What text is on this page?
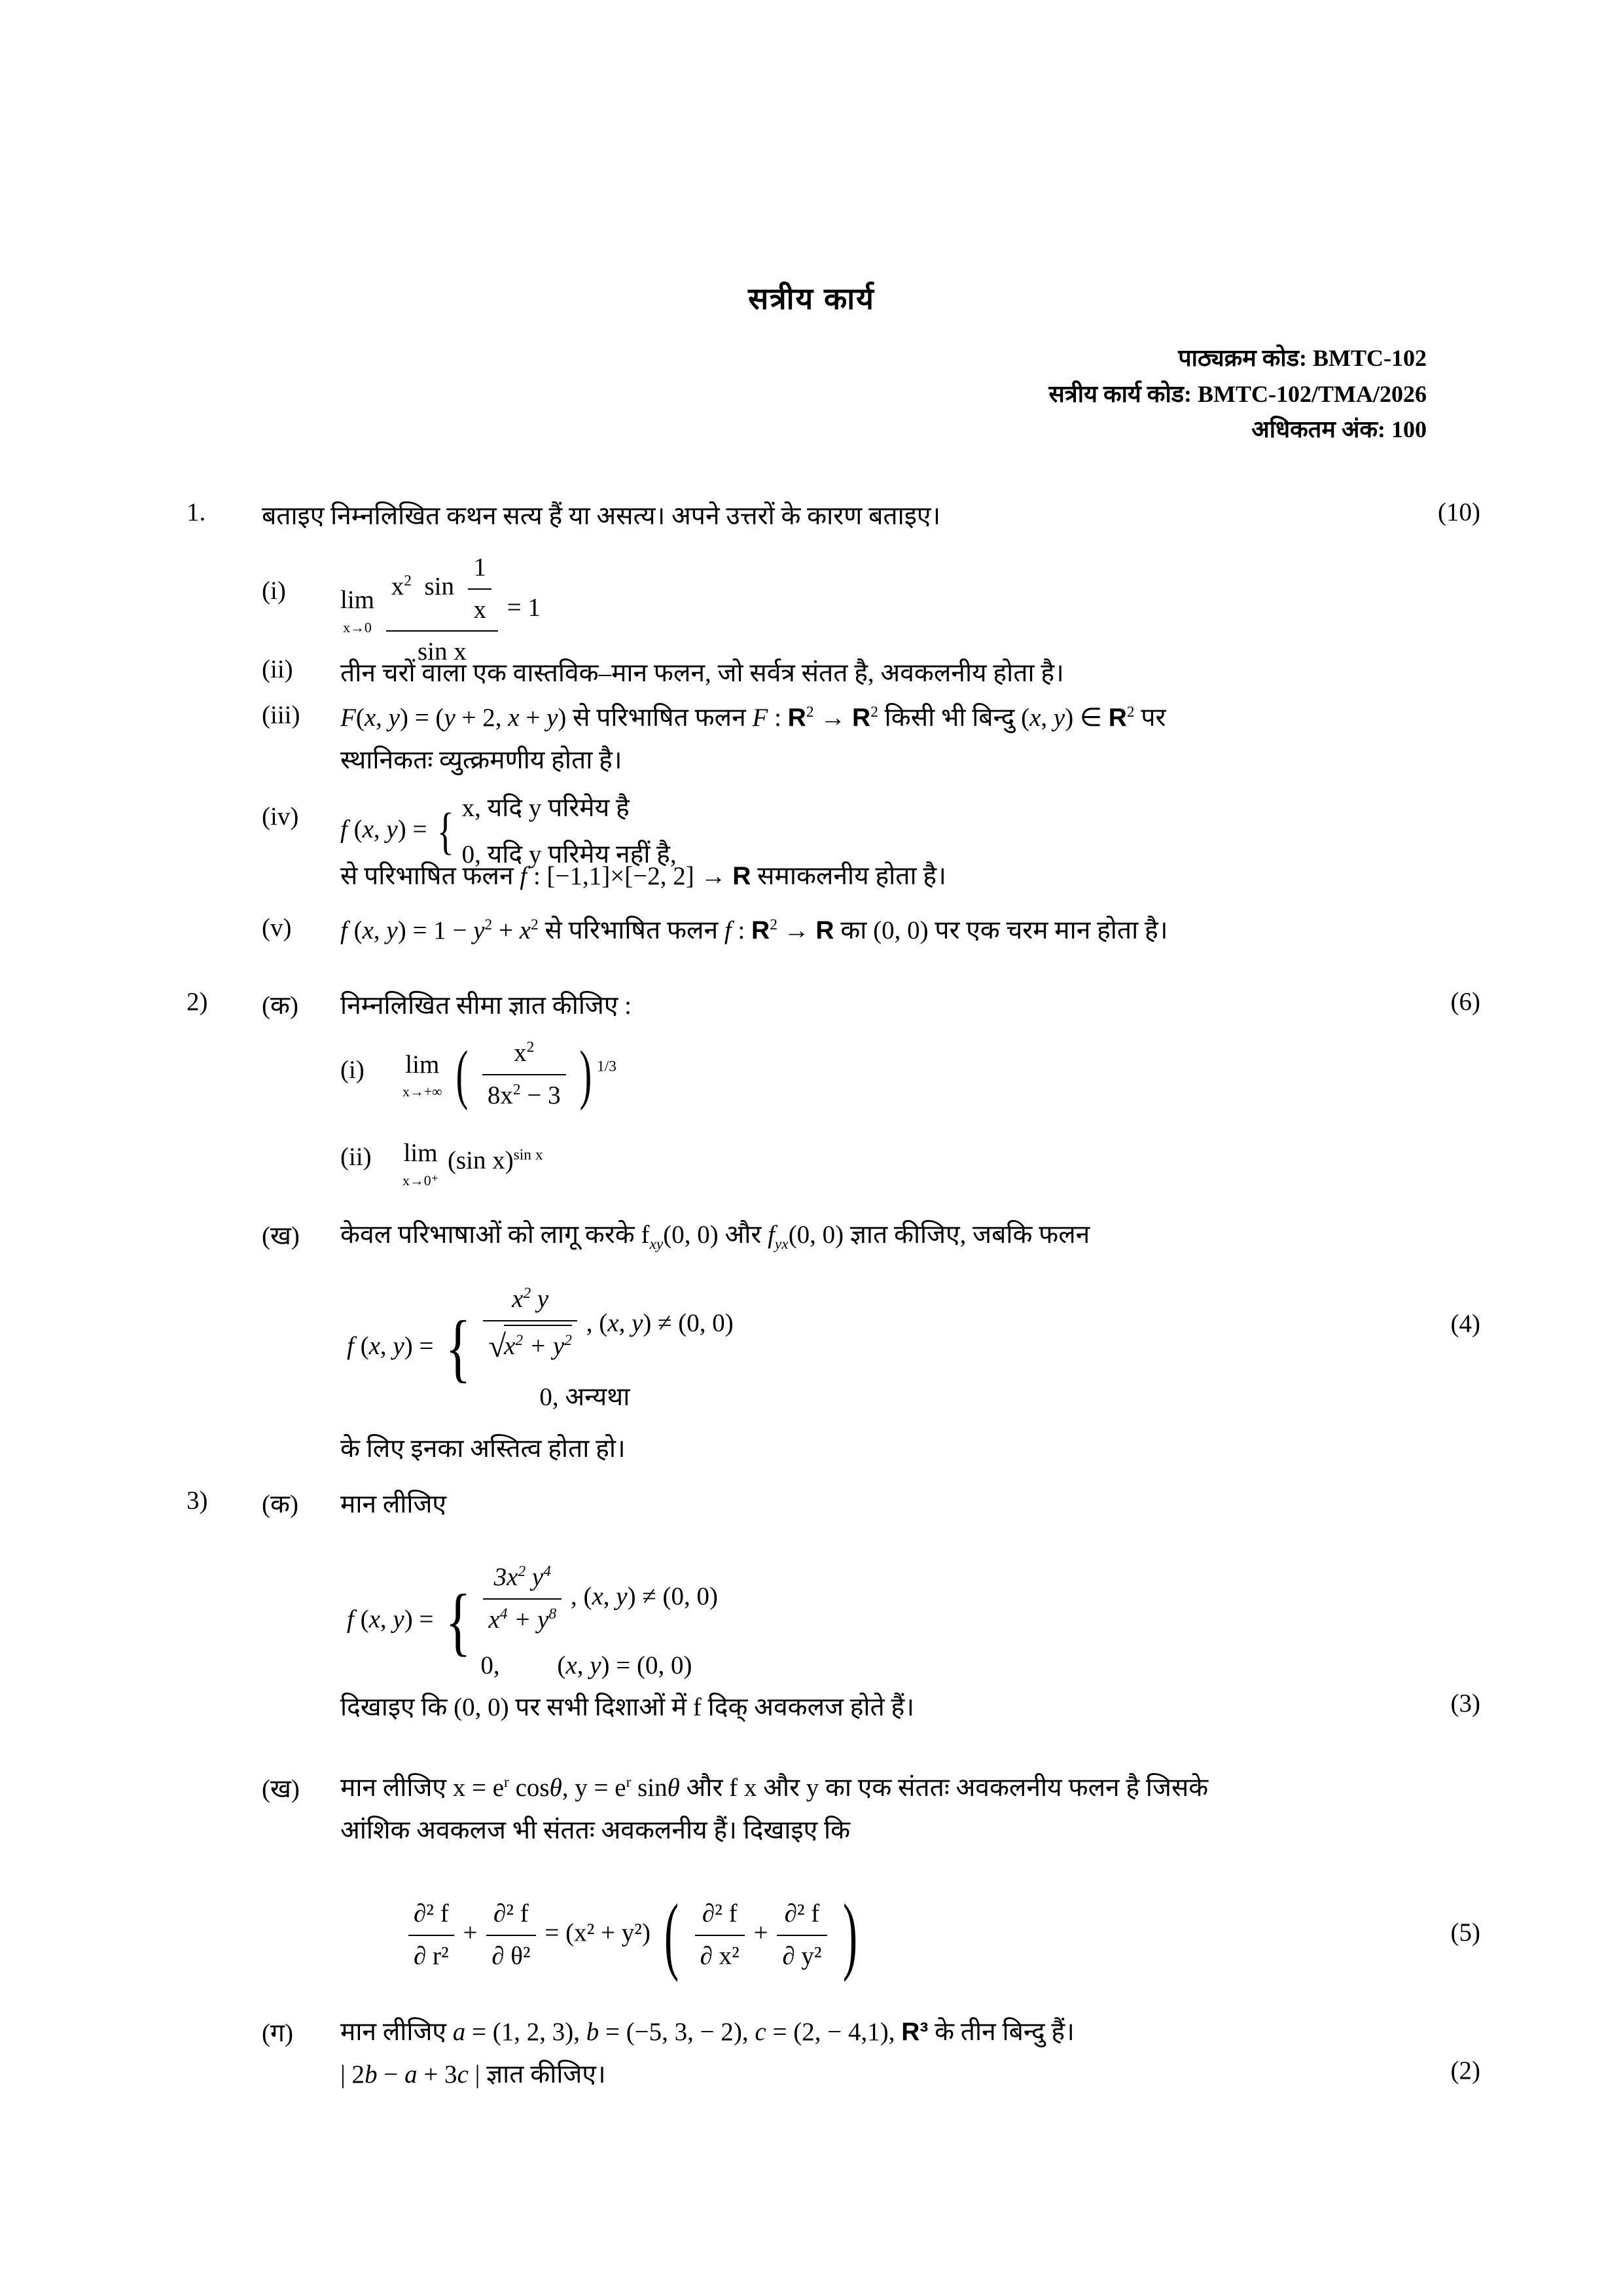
सत्रीय कार्य
पाठ्यक्रम कोड: BMTC-102
सत्रीय कार्य कोड: BMTC-102/TMA/2026
अधिकतम अंक: 100
1. बताइए निम्नलिखित कथन सत्य हैं या असत्य। अपने उत्तरों के कारण बताइए।	(10)
(i) lim
x→0
$\frac{x^2 \sin \frac{1}{x}}{\text{sin x}} = 1$
(ii) तीन चरों वाला एक वास्तविक–मान फलन, जो सर्वत्र संतत है, अवकलनीय होता है।
(iii) F(x, y) = (y + 2, x + y) से परिभाषित फलन F : $R^2 \to R^2$ किसी भी बिन्दु (x, y) ∈ $R^2$ पर
स्थानिकतः व्युत्क्रमणीय होता है।
(iv) f (x, y) = { x, यदि y परिमेय है
0, यदि y परिमेय नहीं है,
से परिभाषित फलन f : [−1,1]×[−2, 2] → R समाकलनीय होता है।
(v) f (x, $y) = 1 - y^2 + x^2$ से परिभाषित फलन f : $R^2 \to R$ का (0, 0) पर एक चरम मान होता है।
2) (क) निम्नलिखित सीमा ज्ञात कीजिए :	(6)
(i) lim
x→+∞ ( $\frac{x^2}{8x^2 - 3}$ ) $^{1/3}$
(ii) lim
x→0⁺
(sin x)$^{sin x}$
(ख) केवल परिभाषाओं को लागू करके $f_{xy}(0$, 0) और $f_{yx}(0$, 0) ज्ञात कीजिए, जबकि फलन
f (x, y) = { $\frac{x^2 y}{√x^2 + y^2}$ , (x, y) ≠ (0, 0)
0, अन्यथा
(4)
के लिए इनका अस्तित्व होता हो।
3) (क) मान लीजिए
f (x, y) = { $\frac{3x^2 y^4}{x^4 + y^8}$ , (x, y) ≠ (0, 0)
0,         (x, y) = (0, 0)
दिखाइए कि (0, 0) पर सभी दिशाओं में f दिक् अवकलज होते हैं।	(3)
(ख) मान लीजिए $x = e^r$ cosθ, $y = e^r$ sinθ और f x और y का एक संततः अवकलनीय फलन है जिसके
आंशिक अवकलज भी संततः अवकलनीय हैं। दिखाइए कि
$\frac{\text{∂² f}}{\text{∂ r²}} + \frac{\text{∂² f}}{\text{∂ θ²}} = (x^2 + y^2)$ ( $\frac{\text{∂² f}}{\text{∂ x²}} + \frac{\text{∂² f}}{\text{∂ y²}}$ )	(5)
(ग) मान लीजिए a = (1, 2, 3), b = (−5, 3, − 2), c = (2, − 4,1), R³ के तीन बिन्दु हैं।
| 2b − a + 3c | ज्ञात कीजिए।	(2)
